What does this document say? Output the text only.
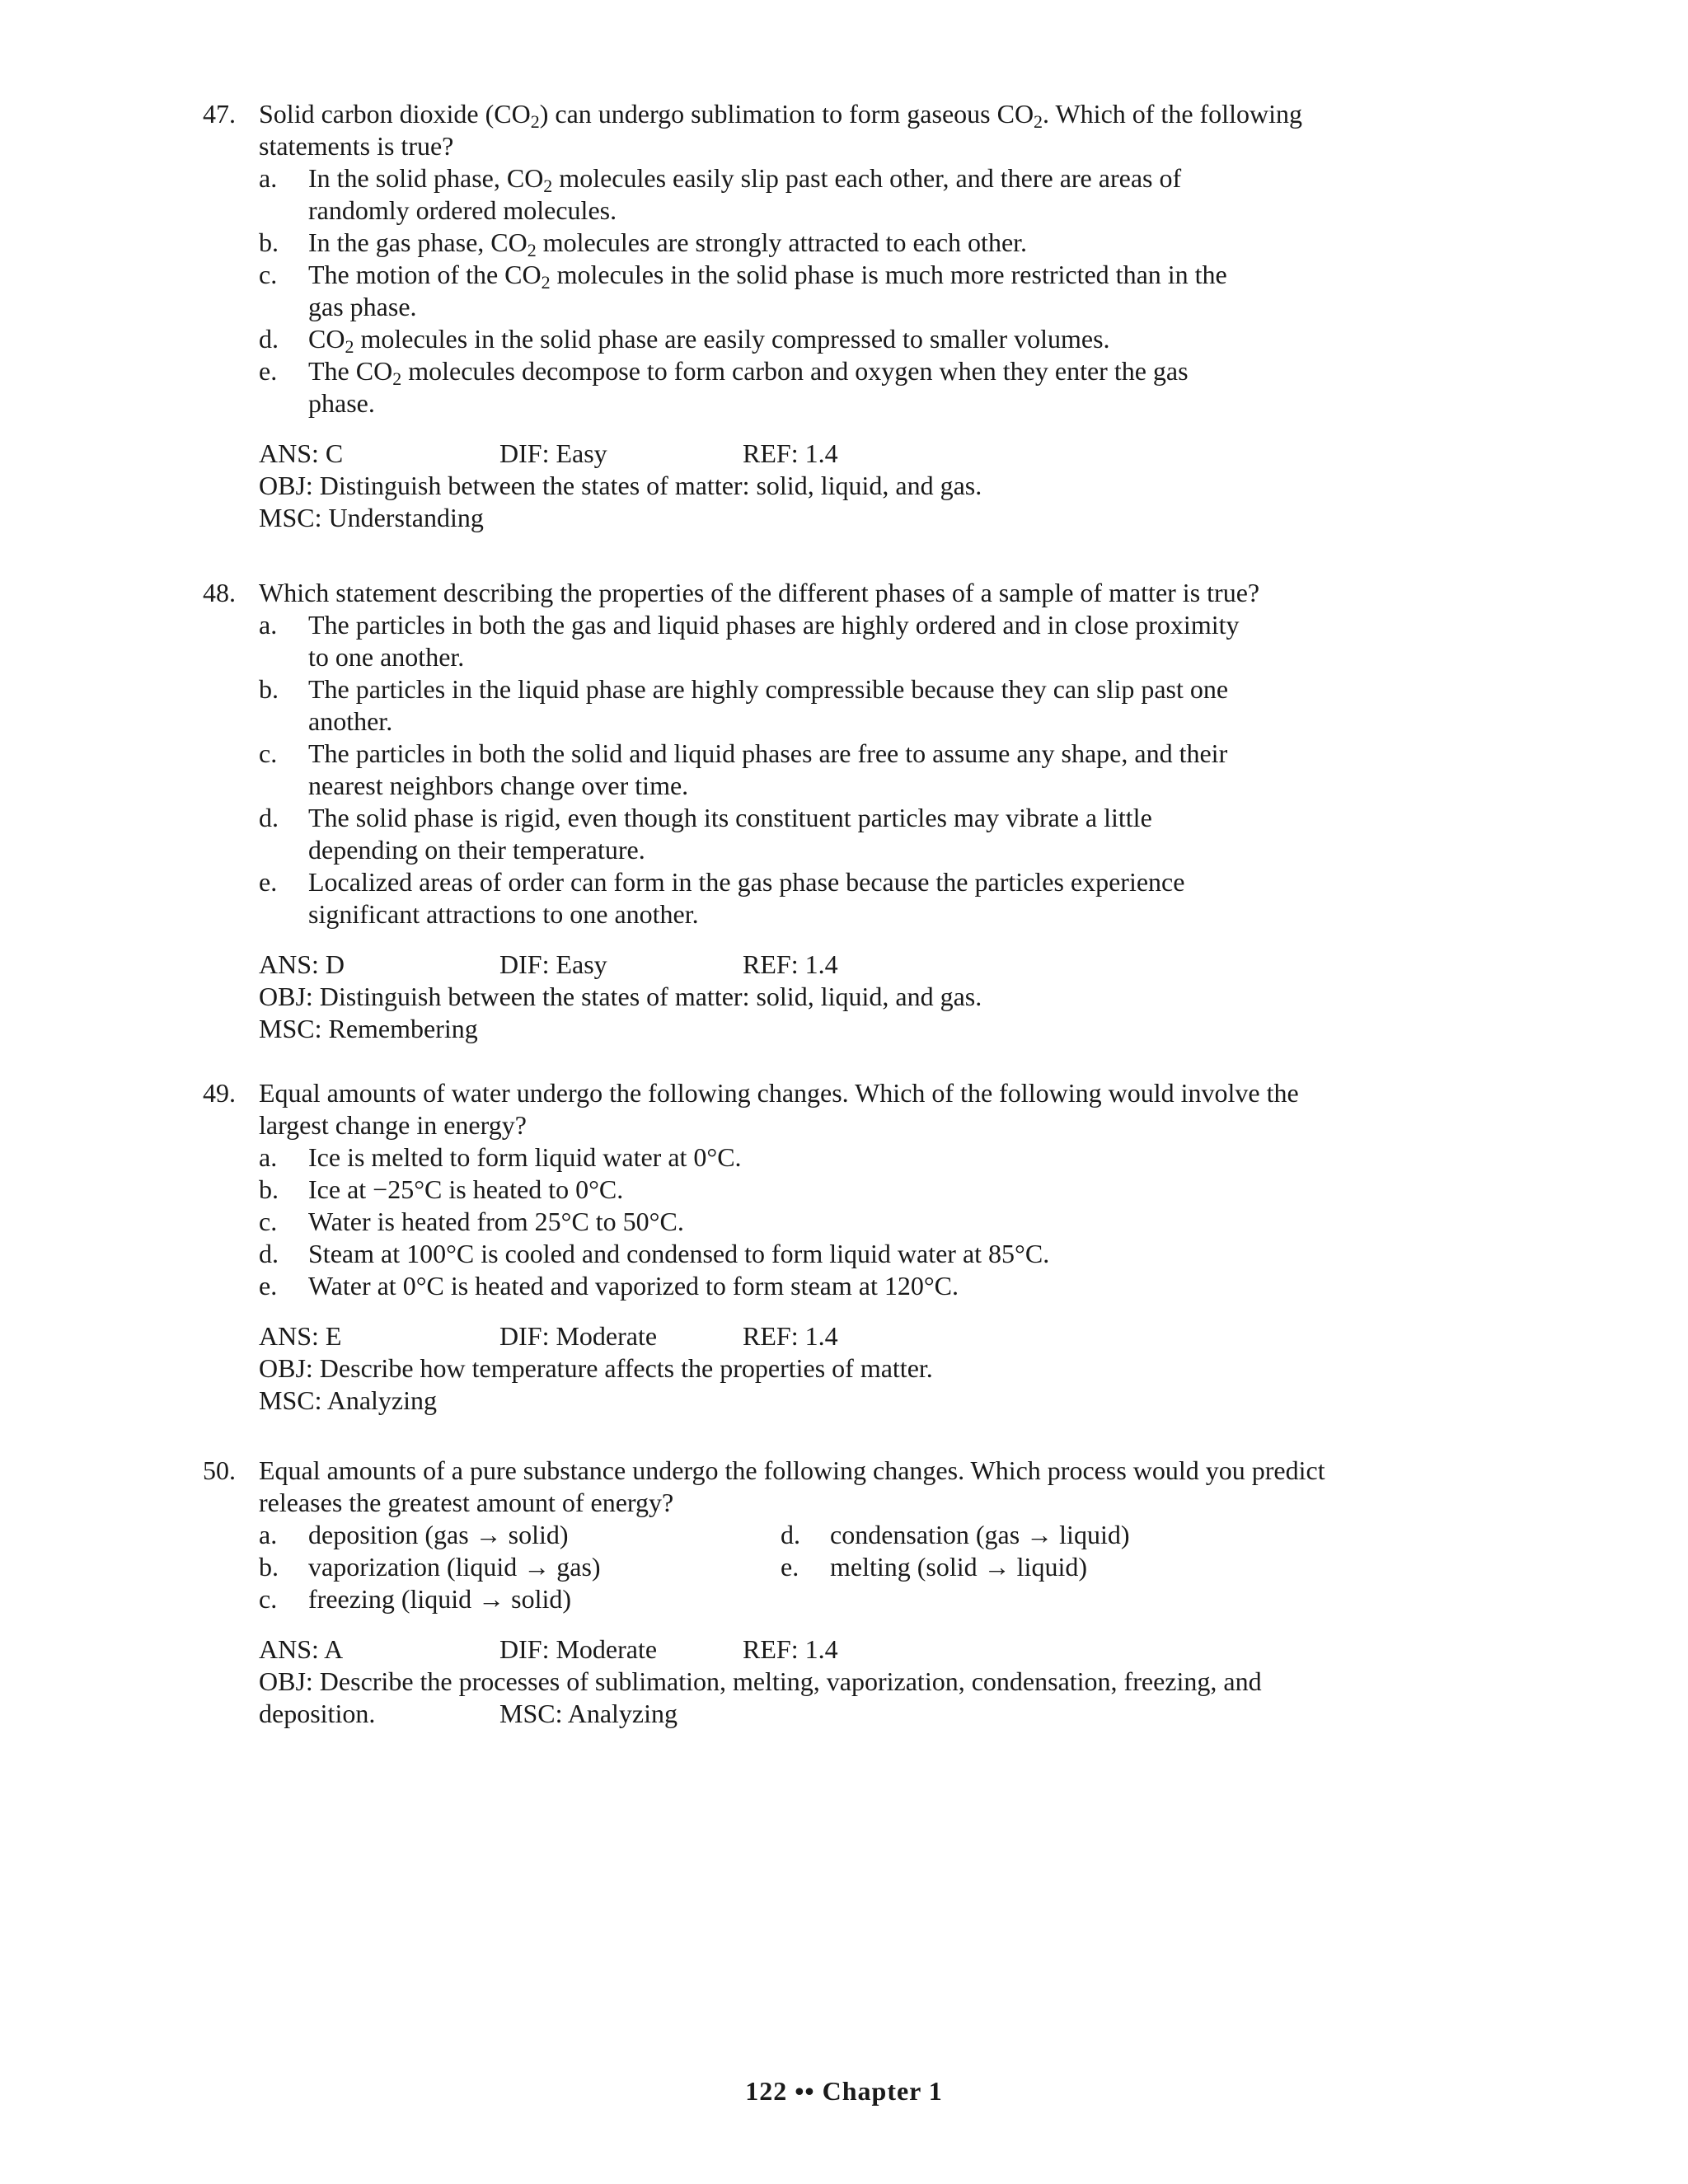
47. Solid carbon dioxide $(CO_2)$ can undergo sublimation to form gaseous $CO_2$. Which of the following
statements is true?
a.	In the solid phase, $CO_2$ molecules easily slip past each other, and there are areas of
randomly ordered molecules.
b.	In the gas phase, $CO_2$ molecules are strongly attracted to each other.
c.	The motion of the $CO_2$ molecules in the solid phase is much more restricted than in the
gas phase.
d.	$CO_2$ molecules in the solid phase are easily compressed to smaller volumes.
e.	The $CO_2$ molecules decompose to form carbon and oxygen when they enter the gas
phase.
ANS: C	DIF: Easy	REF: 1.4
OBJ: Distinguish between the states of matter: solid, liquid, and gas.
MSC: Understanding
48. Which statement describing the properties of the different phases of a sample of matter is true?
a.	The particles in both the gas and liquid phases are highly ordered and in close proximity
to one another.
b.	The particles in the liquid phase are highly compressible because they can slip past one
another.
c.	The particles in both the solid and liquid phases are free to assume any shape, and their
nearest neighbors change over time.
d.	The solid phase is rigid, even though its constituent particles may vibrate a little
depending on their temperature.
e.	Localized areas of order can form in the gas phase because the particles experience
significant attractions to one another.
ANS: D	DIF: Easy	REF: 1.4
OBJ: Distinguish between the states of matter: solid, liquid, and gas.
MSC: Remembering
49. Equal amounts of water undergo the following changes. Which of the following would involve the
largest change in energy?
a.	Ice is melted to form liquid water at 0°C.
b.	Ice at −25°C is heated to 0°C.
c.	Water is heated from 25°C to 50°C.
d.	Steam at 100°C is cooled and condensed to form liquid water at 85°C.
e.	Water at 0°C is heated and vaporized to form steam at 120°C.
ANS: E	DIF: Moderate	REF: 1.4
OBJ: Describe how temperature affects the properties of matter.
MSC: Analyzing
50. Equal amounts of a pure substance undergo the following changes. Which process would you predict
releases the greatest amount of energy?
a.	deposition (gas → solid)
b.	vaporization (liquid → gas)
c.	freezing (liquid → solid)
d.	condensation (gas → liquid)
e.	melting (solid → liquid)
ANS: A	DIF: Moderate	REF: 1.4
OBJ: Describe the processes of sublimation, melting, vaporization, condensation, freezing, and
deposition.	MSC: Analyzing
122 •• Chapter 1
